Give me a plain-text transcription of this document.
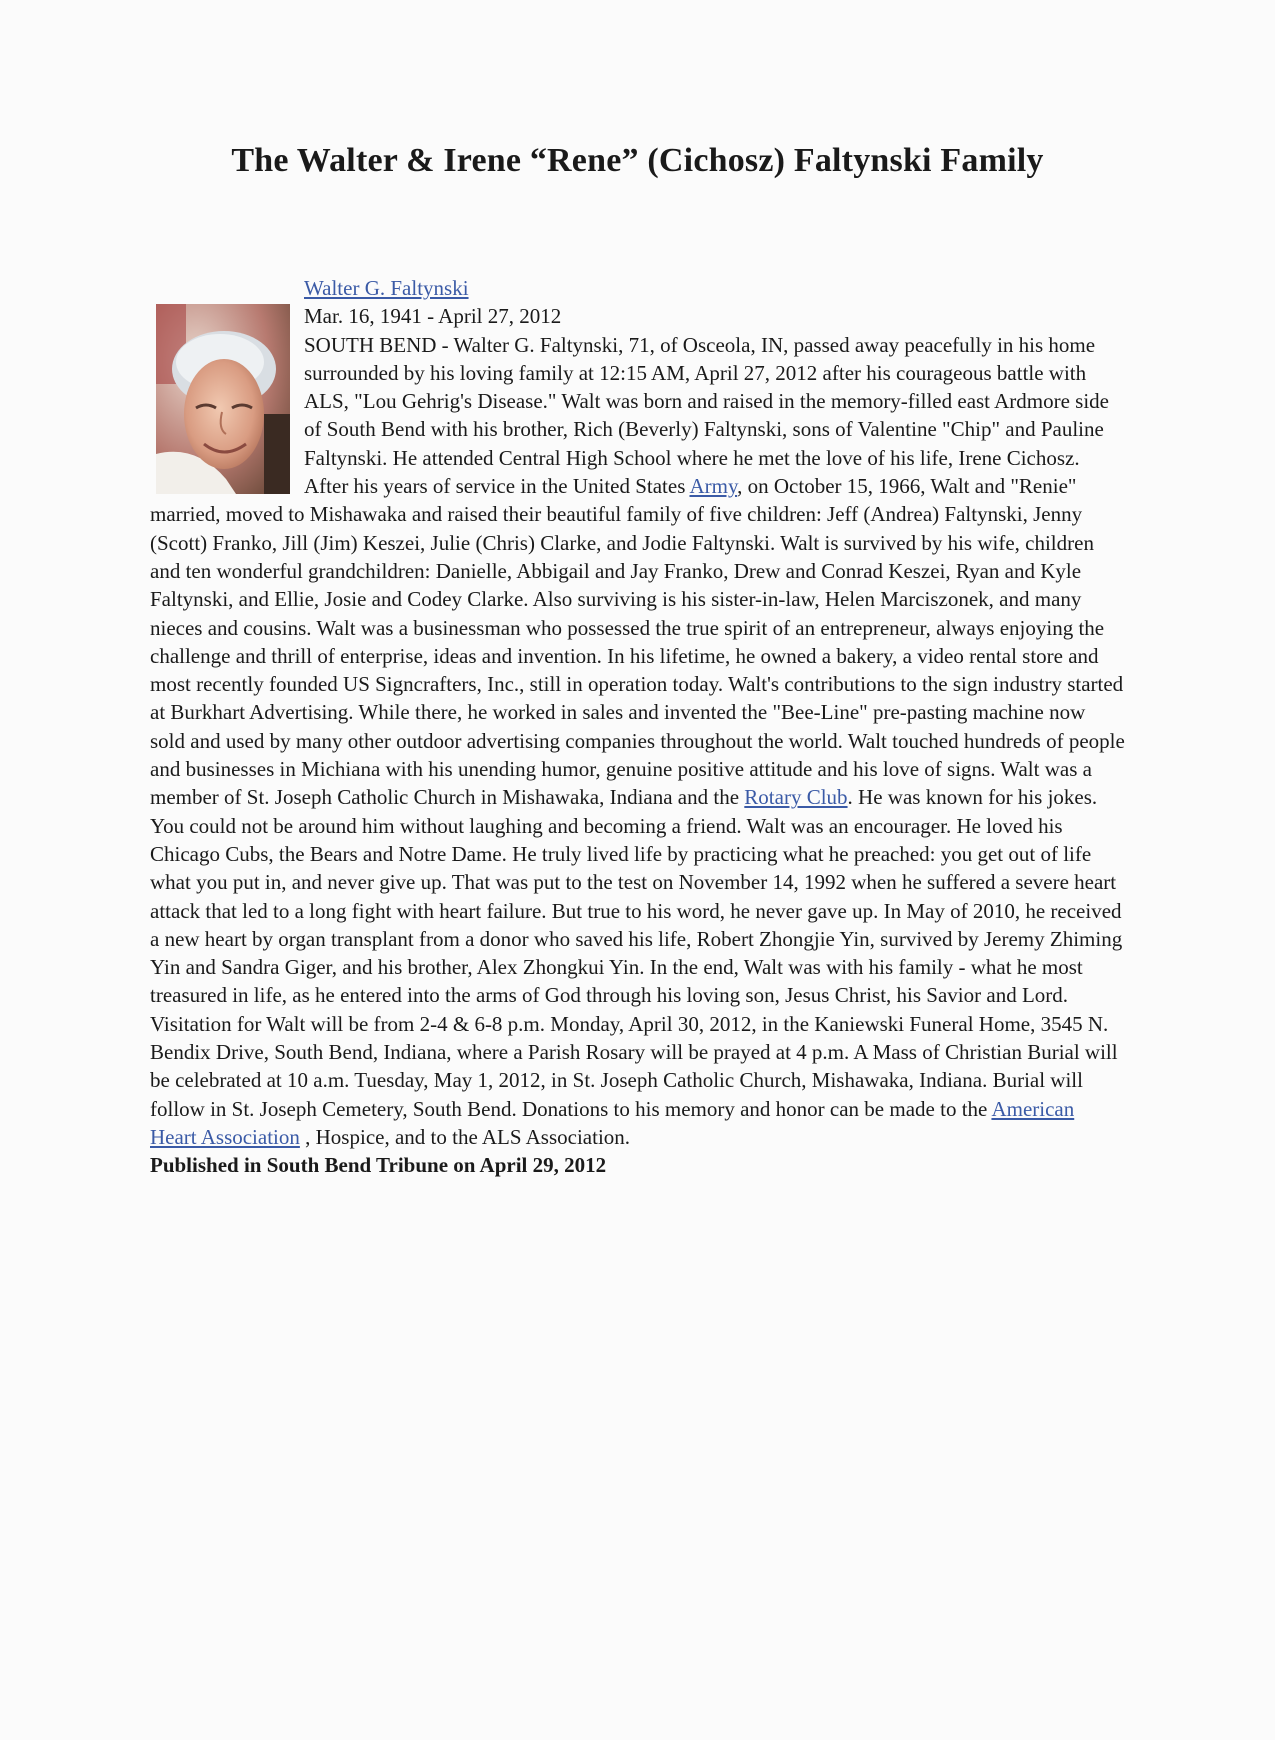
The Walter & Irene “Rene” (Cichosz) Faltynski Family
Walter G. Faltynski
Mar. 16, 1941 - April 27, 2012
SOUTH BEND - Walter G. Faltynski, 71, of Osceola, IN, passed away peacefully in his home surrounded by his loving family at 12:15 AM, April 27, 2012 after his courageous battle with ALS, "Lou Gehrig's Disease." Walt was born and raised in the memory-filled east Ardmore side of South Bend with his brother, Rich (Beverly) Faltynski, sons of Valentine "Chip" and Pauline Faltynski. He attended Central High School where he met the love of his life, Irene Cichosz. After his years of service in the United States Army, on October 15, 1966, Walt and "Renie" married, moved to Mishawaka and raised their beautiful family of five children: Jeff (Andrea) Faltynski, Jenny (Scott) Franko, Jill (Jim) Keszei, Julie (Chris) Clarke, and Jodie Faltynski. Walt is survived by his wife, children and ten wonderful grandchildren: Danielle, Abbigail and Jay Franko, Drew and Conrad Keszei, Ryan and Kyle Faltynski, and Ellie, Josie and Codey Clarke. Also surviving is his sister-in-law, Helen Marciszonek, and many nieces and cousins. Walt was a businessman who possessed the true spirit of an entrepreneur, always enjoying the challenge and thrill of enterprise, ideas and invention. In his lifetime, he owned a bakery, a video rental store and most recently founded US Signcrafters, Inc., still in operation today. Walt's contributions to the sign industry started at Burkhart Advertising. While there, he worked in sales and invented the "Bee-Line" pre-pasting machine now sold and used by many other outdoor advertising companies throughout the world. Walt touched hundreds of people and businesses in Michiana with his unending humor, genuine positive attitude and his love of signs. Walt was a member of St. Joseph Catholic Church in Mishawaka, Indiana and the Rotary Club. He was known for his jokes. You could not be around him without laughing and becoming a friend. Walt was an encourager. He loved his Chicago Cubs, the Bears and Notre Dame. He truly lived life by practicing what he preached: you get out of life what you put in, and never give up. That was put to the test on November 14, 1992 when he suffered a severe heart attack that led to a long fight with heart failure. But true to his word, he never gave up. In May of 2010, he received a new heart by organ transplant from a donor who saved his life, Robert Zhongjie Yin, survived by Jeremy Zhiming Yin and Sandra Giger, and his brother, Alex Zhongkui Yin. In the end, Walt was with his family - what he most treasured in life, as he entered into the arms of God through his loving son, Jesus Christ, his Savior and Lord. Visitation for Walt will be from 2-4 & 6-8 p.m. Monday, April 30, 2012, in the Kaniewski Funeral Home, 3545 N. Bendix Drive, South Bend, Indiana, where a Parish Rosary will be prayed at 4 p.m. A Mass of Christian Burial will be celebrated at 10 a.m. Tuesday, May 1, 2012, in St. Joseph Catholic Church, Mishawaka, Indiana. Burial will follow in St. Joseph Cemetery, South Bend. Donations to his memory and honor can be made to the American Heart Association , Hospice, and to the ALS Association.
Published in South Bend Tribune on April 29, 2012
